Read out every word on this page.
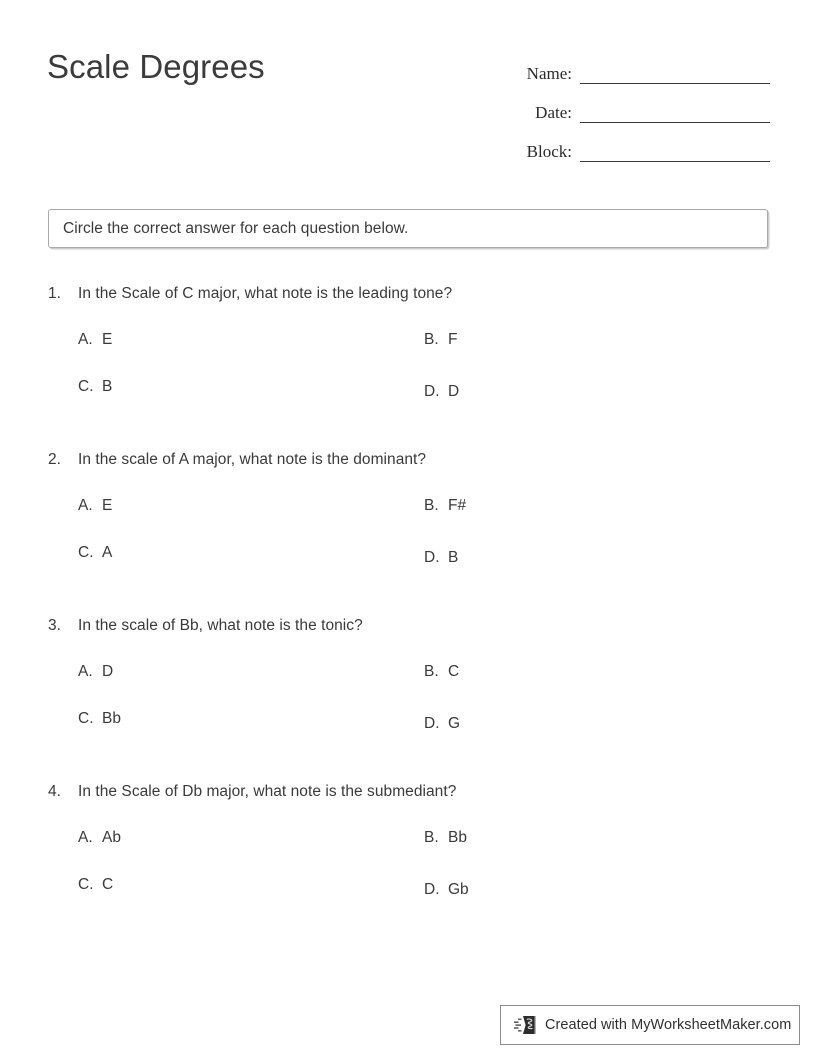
Scale Degrees	Name:
Date:
Block:
Circle the correct answer for each question below.
1.	In the Scale of C major, what note is the leading tone?
A. E	B. F
C. B	D. D
2.	In the scale of A major, what note is the dominant?
A. E	B. F#
C. A	D. B
3.	In the scale of Bb, what note is the tonic?
A. D	B. C
C. Bb	D. G
4.	In the Scale of Db major, what note is the submediant?
A. Ab	B. Bb
C. C	D. Gb
Created with MyWorksheetMaker.com
